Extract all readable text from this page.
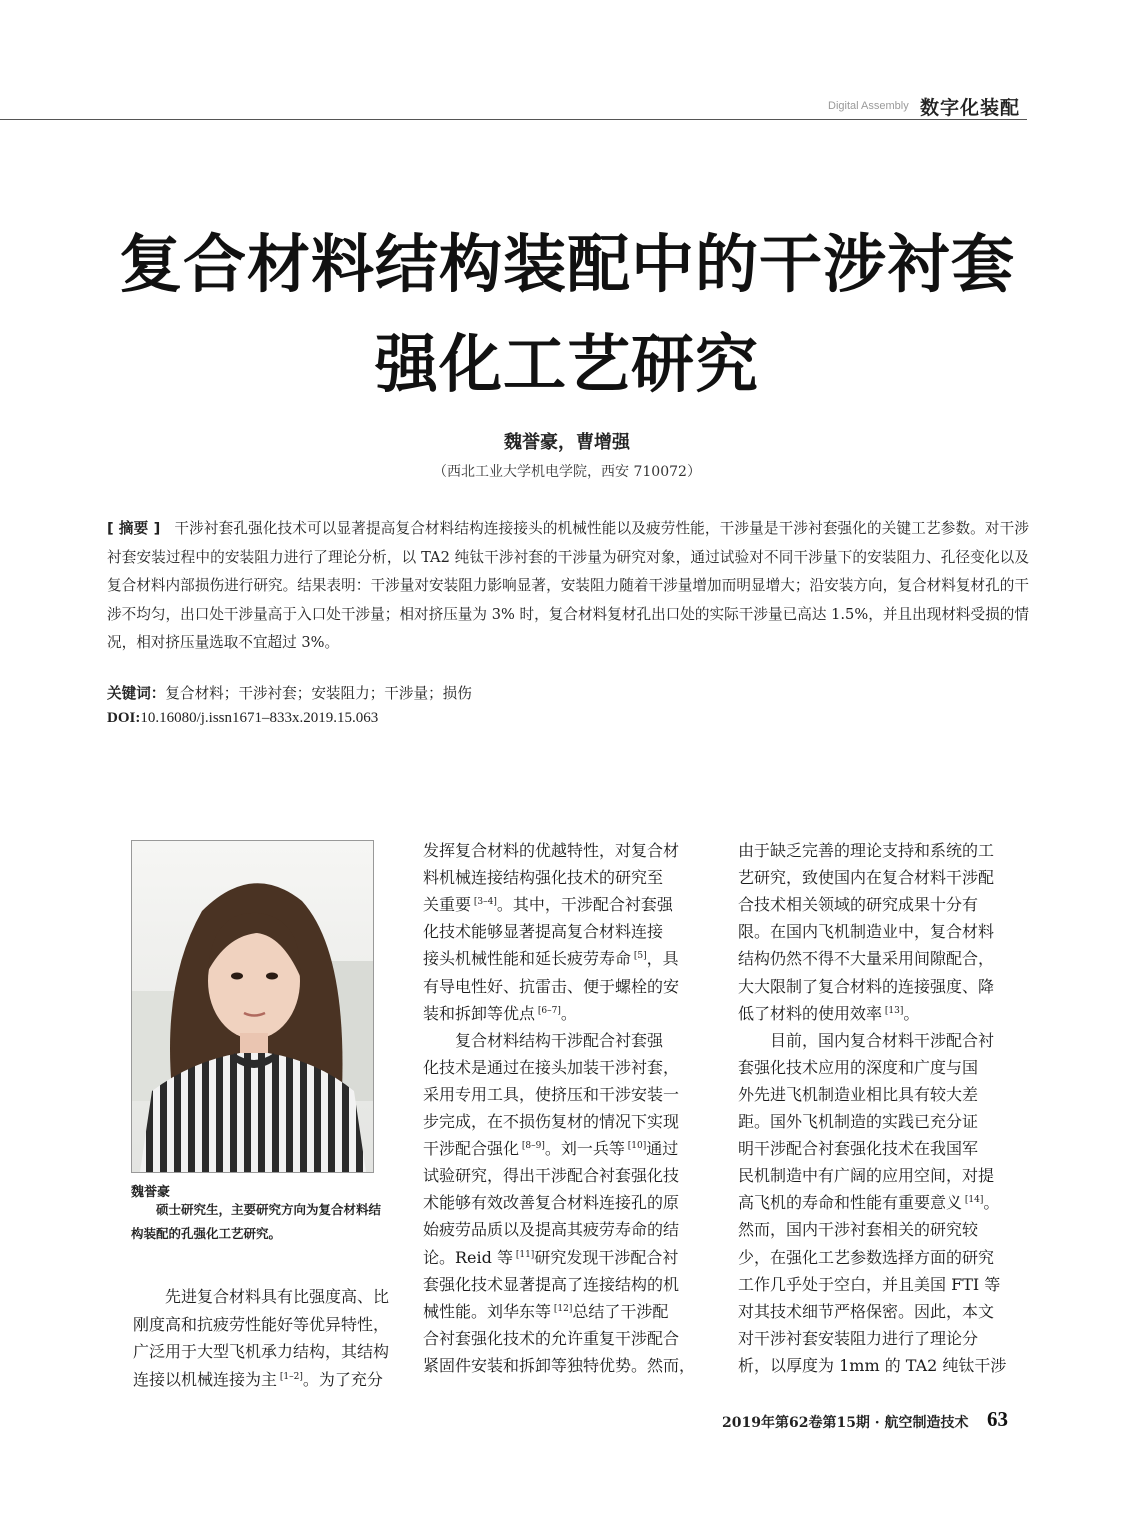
Digital Assembly 数字化装配
复合材料结构装配中的干涉衬套
强化工艺研究
魏誉豪，曹增强
（西北工业大学机电学院，西安 710072）

[ 摘要 ] 干涉衬套孔强化技术可以显著提高复合材料结构连接接头的机械性能以及疲劳性能，干涉量是干涉衬套强化的关键工艺参数。对干涉衬套安装过程中的安装阻力进行了理论分析，以 TA2 纯钛干涉衬套的干涉量为研究对象，通过试验对不同干涉量下的安装阻力、孔径变化以及复合材料内部损伤进行研究。结果表明：干涉量对安装阻力影响显著，安装阻力随着干涉量增加而明显增大；沿安装方向，复合材料复材孔的干涉不均匀，出口处干涉量高于入口处干涉量；相对挤压量为 3% 时，复合材料复材孔出口处的实际干涉量已高达 1.5%，并且出现材料受损的情况，相对挤压量选取不宜超过 3%。

关键词：复合材料；干涉衬套；安装阻力；干涉量；损伤
DOI:10.16080/j.issn1671–833x.2019.15.063
魏誉豪

硕士研究生，主要研究方向为复合材料结构装配的孔强化工艺研究。

先进复合材料具有比强度高、比
刚度高和抗疲劳性能好等优异特性，
广泛用于大型飞机承力结构，其结构
连接以机械连接为主 [1–2]。为了充分
发挥复合材料的优越特性，对复合材
料机械连接结构强化技术的研究至
关重要 [3–4]。其中，干涉配合衬套强
化技术能够显著提高复合材料连接
接头机械性能和延长疲劳寿命 [5]，具
有导电性好、抗雷击、便于螺栓的安
装和拆卸等优点 [6–7]。
复合材料结构干涉配合衬套强
化技术是通过在接头加装干涉衬套，
采用专用工具，使挤压和干涉安装一
步完成，在不损伤复材的情况下实现
干涉配合强化 [8–9]。刘一兵等 [10]通过
试验研究，得出干涉配合衬套强化技
术能够有效改善复合材料连接孔的原
始疲劳品质以及提高其疲劳寿命的结
论。Reid 等 [11]研究发现干涉配合衬
套强化技术显著提高了连接结构的机
械性能。刘华东等 [12]总结了干涉配
合衬套强化技术的允许重复干涉配合
紧固件安装和拆卸等独特优势。然而，
由于缺乏完善的理论支持和系统的工
艺研究，致使国内在复合材料干涉配
合技术相关领域的研究成果十分有
限。在国内飞机制造业中，复合材料
结构仍然不得不大量采用间隙配合，
大大限制了复合材料的连接强度、降
低了材料的使用效率 [13]。
目前，国内复合材料干涉配合衬
套强化技术应用的深度和广度与国
外先进飞机制造业相比具有较大差
距。国外飞机制造的实践已充分证
明干涉配合衬套强化技术在我国军
民机制造中有广阔的应用空间，对提
高飞机的寿命和性能有重要意义 [14]。
然而，国内干涉衬套相关的研究较
少，在强化工艺参数选择方面的研究
工作几乎处于空白，并且美国 FTI 等
对其技术细节严格保密。因此，本文
对干涉衬套安装阻力进行了理论分
析，以厚度为 1mm 的 TA2 纯钛干涉
2019年第62卷第15期 · 航空制造技术 63
